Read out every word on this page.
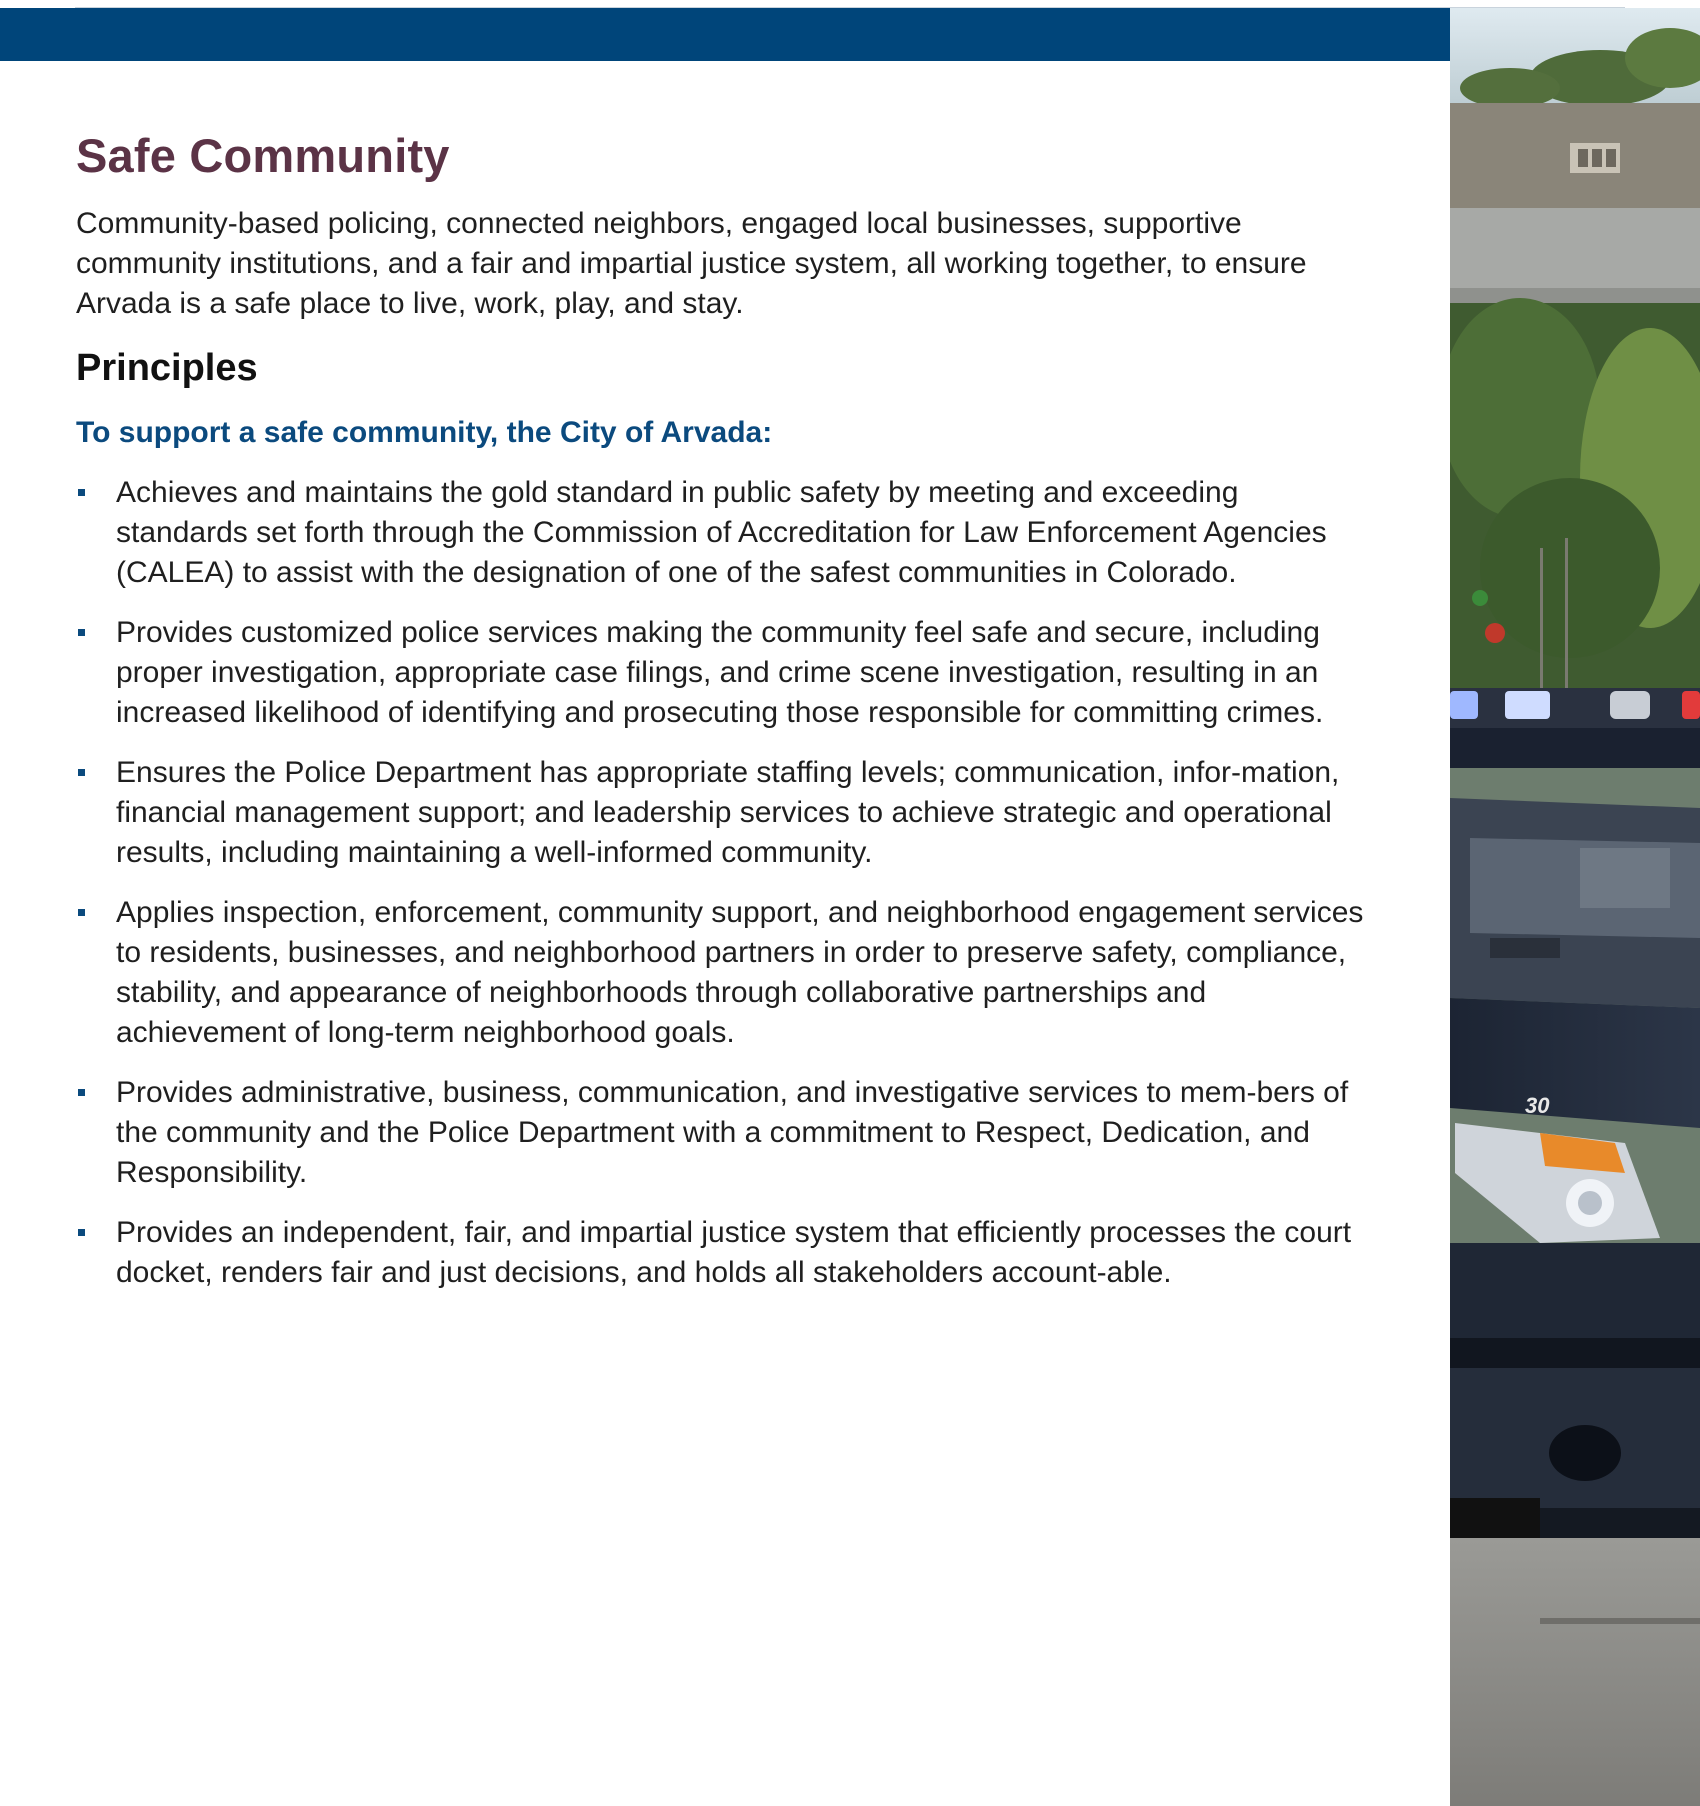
Safe Community

Community-based policing, connected neighbors, engaged local businesses, supportive community institutions, and a fair and impartial justice system, all working together, to ensure Arvada is a safe place to live, work, play, and stay.

Principles

To support a safe community, the City of Arvada:

Achieves and maintains the gold standard in public safety by meeting and exceeding standards set forth through the Commission of Accreditation for Law Enforcement Agencies (CALEA) to assist with the designation of one of the safest communities in Colorado.
Provides customized police services making the community feel safe and secure, including proper investigation, appropriate case filings, and crime scene investigation, resulting in an increased likelihood of identifying and prosecuting those responsible for committing crimes.
Ensures the Police Department has appropriate staffing levels; communication, infor-mation, financial management support; and leadership services to achieve strategic and operational results, including maintaining a well-informed community.
Applies inspection, enforcement, community support, and neighborhood engagement services to residents, businesses, and neighborhood partners in order to preserve safety, compliance, stability, and appearance of neighborhoods through collaborative partnerships and achievement of long-term neighborhood goals.
Provides administrative, business, communication, and investigative services to mem-bers of the community and the Police Department with a commitment to Respect, Dedication, and Responsibility.
Provides an independent, fair, and impartial justice system that efficiently processes the court docket, renders fair and just decisions, and holds all stakeholders account-able.
30
